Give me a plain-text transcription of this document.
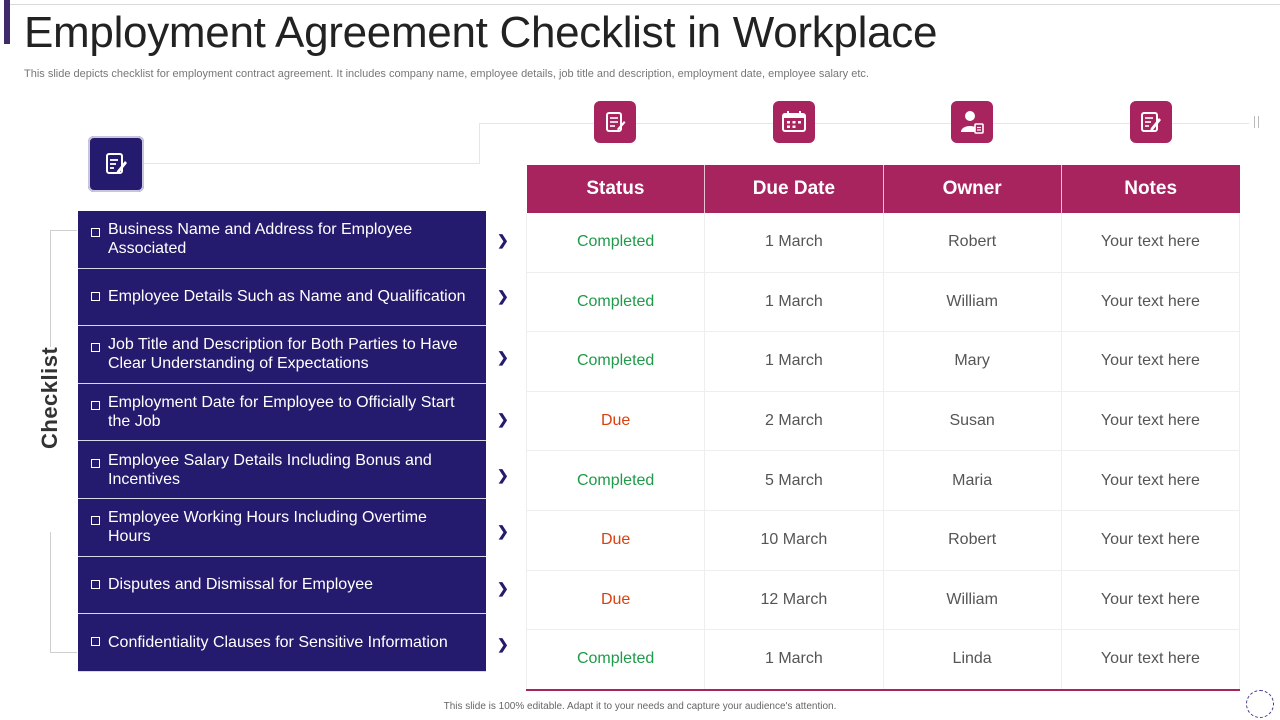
Employment Agreement Checklist in Workplace
This slide depicts checklist for employment contract agreement. It includes company name, employee details, job title and description, employment date, employee salary etc.
Checklist
Business Name and Address for Employee Associated
Employee Details Such as Name and Qualification
Job Title and Description for Both Parties to Have Clear Understanding of Expectations
Employment Date for Employee to Officially Start the Job
Employee Salary Details Including Bonus and Incentives
Employee Working Hours Including Overtime Hours
Disputes and Dismissal for Employee
Confidentiality Clauses for Sensitive Information
❯
❯
❯
❯
❯
❯
❯
❯
Status	Due Date	Owner	Notes
Completed	1 March	Robert	Your text here
Completed	1 March	William	Your text here
Completed	1 March	Mary	Your text here
Due	2 March	Susan	Your text here
Completed	5 March	Maria	Your text here
Due	10 March	Robert	Your text here
Due	12 March	William	Your text here
Completed	1 March	Linda	Your text here
This slide is 100% editable. Adapt it to your needs and capture your audience's attention.
